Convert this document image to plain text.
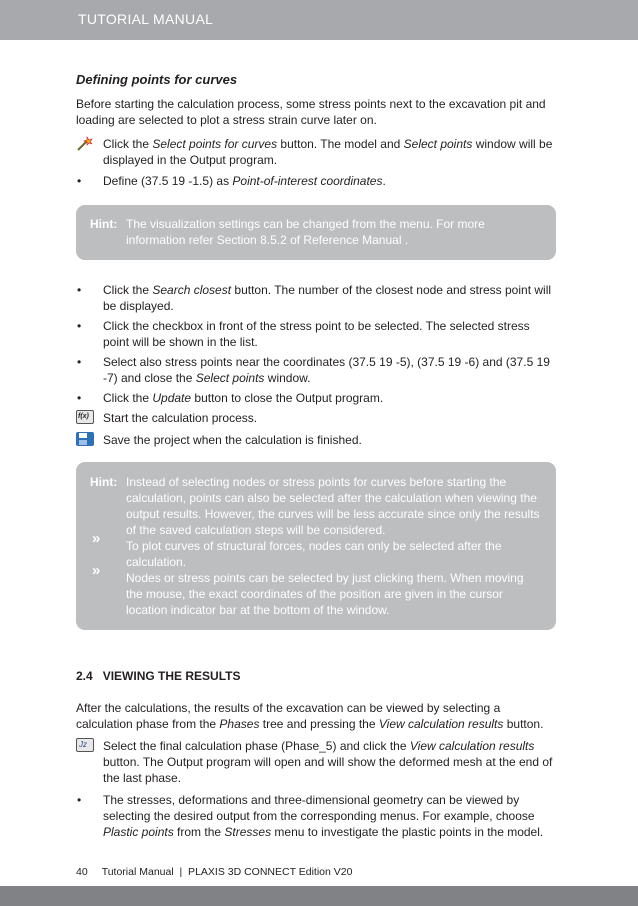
TUTORIAL MANUAL
Defining points for curves

Before starting the calculation process, some stress points next to the excavation pit and loading are selected to plot a stress strain curve later on.

Click the Select points for curves button. The model and Select points window will be displayed in the Output program.
•	Define (37.5 19 -1.5) as Point-of-interest coordinates.
Hint: The visualization settings can be changed from the menu. For more information refer Section 8.5.2 of Reference Manual .
•	Click the Search closest button. The number of the closest node and stress point will be displayed.
•	Click the checkbox in front of the stress point to be selected. The selected stress point will be shown in the list.
•	Select also stress points near the coordinates (37.5 19 -5), (37.5 19 -6) and (37.5 19 -7) and close the Select points window.
•	Click the Update button to close the Output program.
f(x) Start the calculation process.
Save the project when the calculation is finished.
Hint:
»
»
Instead of selecting nodes or stress points for curves before starting the calculation, points can also be selected after the calculation when viewing the output results. However, the curves will be less accurate since only the results of the saved calculation steps will be considered.
To plot curves of structural forces, nodes can only be selected after the calculation.
Nodes or stress points can be selected by just clicking them. When moving the mouse, the exact coordinates of the position are given in the cursor location indicator bar at the bottom of the window.
2.4 VIEWING THE RESULTS

After the calculations, the results of the excavation can be viewed by selecting a calculation phase from the Phases tree and pressing the View calculation results button.

Jz Select the final calculation phase (Phase_5) and click the View calculation results button. The Output program will open and will show the deformed mesh at the end of the last phase.
•	The stresses, deformations and three-dimensional geometry can be viewed by selecting the desired output from the corresponding menus. For example, choose Plastic points from the Stresses menu to investigate the plastic points in the model.
40 Tutorial Manual  |  PLAXIS 3D CONNECT Edition V20
